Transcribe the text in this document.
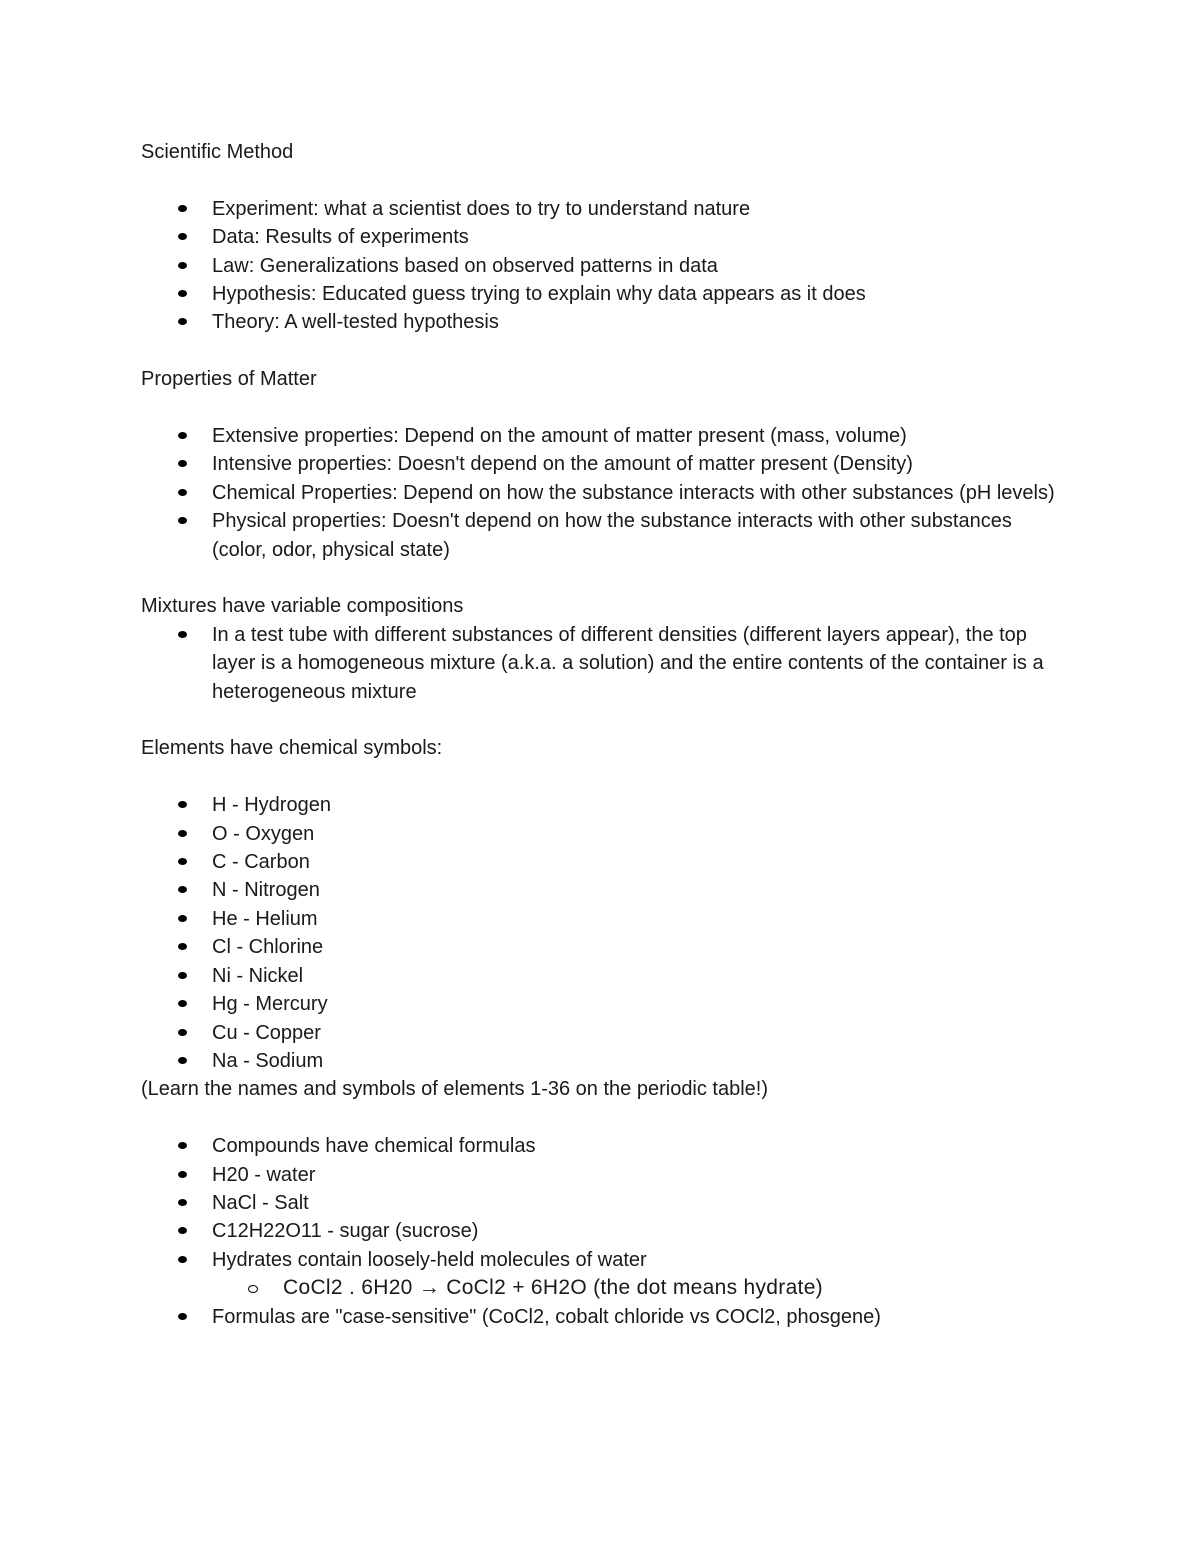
Scientific Method

Experiment: what a scientist does to try to understand nature
Data: Results of experiments
Law: Generalizations based on observed patterns in data
Hypothesis: Educated guess trying to explain why data appears as it does
Theory: A well-tested hypothesis

Properties of Matter

Extensive properties: Depend on the amount of matter present (mass, volume)
Intensive properties: Doesn't depend on the amount of matter present (Density)
Chemical Properties: Depend on how the substance interacts with other substances (pH levels)
Physical properties: Doesn't depend on how the substance interacts with other substances (color, odor, physical state)

Mixtures have variable compositions

In a test tube with different substances of different densities (different layers appear), the top layer is a homogeneous mixture (a.k.a. a solution) and the entire contents of the container is a heterogeneous mixture

Elements have chemical symbols:

H - Hydrogen
O - Oxygen
C - Carbon
N - Nitrogen
He - Helium
Cl - Chlorine
Ni - Nickel
Hg - Mercury
Cu - Copper
Na - Sodium

(Learn the names and symbols of elements 1-36 on the periodic table!)

Compounds have chemical formulas
H20 - water
NaCl - Salt
C12H22O11 - sugar (sucrose)
Hydrates contain loosely-held molecules of water
CoCl2 . 6H20 → CoCl2 + 6H2O (the dot means hydrate)
Formulas are "case-sensitive" (CoCl2, cobalt chloride vs COCl2, phosgene)
